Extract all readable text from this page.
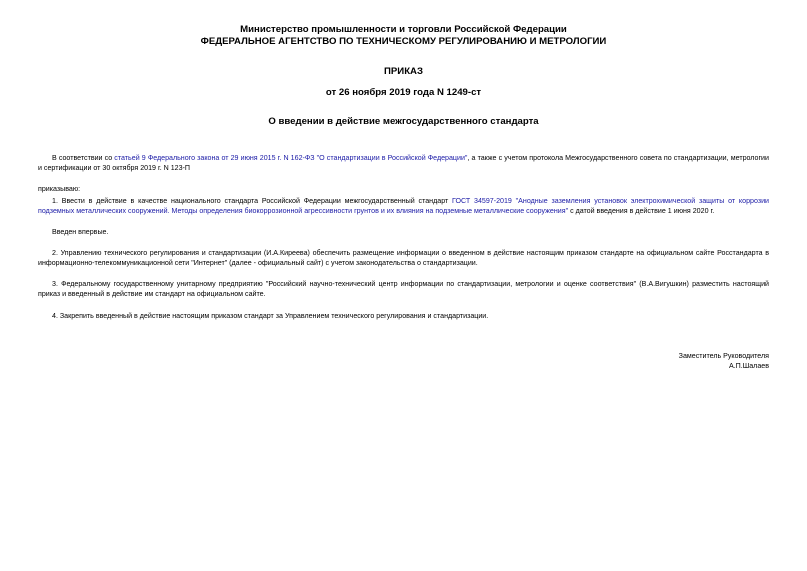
Министерство промышленности и торговли Российской Федерации
ФЕДЕРАЛЬНОЕ АГЕНТСТВО ПО ТЕХНИЧЕСКОМУ РЕГУЛИРОВАНИЮ И МЕТРОЛОГИИ
ПРИКАЗ
от 26 ноября 2019 года N 1249-ст
О введении в действие межгосударственного стандарта
В соответствии со статьей 9 Федерального закона от 29 июня 2015 г. N 162-ФЗ "О стандартизации в Российской Федерации", а также с учетом протокола Межгосударственного совета по стандартизации, метрологии и сертификации от 30 октября 2019 г. N 123-П
приказываю:
1. Ввести в действие в качестве национального стандарта Российской Федерации межгосударственный стандарт ГОСТ 34597-2019 "Анодные заземления установок электрохимической защиты от коррозии подземных металлических сооружений. Методы определения биокоррозионной агрессивности грунтов и их влияния на подземные металлические сооружения" с датой введения в действие 1 июня 2020 г.
Введен впервые.
2. Управлению технического регулирования и стандартизации (И.А.Киреева) обеспечить размещение информации о введенном в действие настоящим приказом стандарте на официальном сайте Росстандарта в информационно-телекоммуникационной сети "Интернет" (далее - официальный сайт) с учетом законодательства о стандартизации.
3. Федеральному государственному унитарному предприятию "Российский научно-технический центр информации по стандартизации, метрологии и оценке соответствия" (В.А.Вигушкин) разместить настоящий приказ и введенный в действие им стандарт на официальном сайте.
4. Закрепить введенный в действие настоящим приказом стандарт за Управлением технического регулирования и стандартизации.
Заместитель Руководителя
А.П.Шалаев
